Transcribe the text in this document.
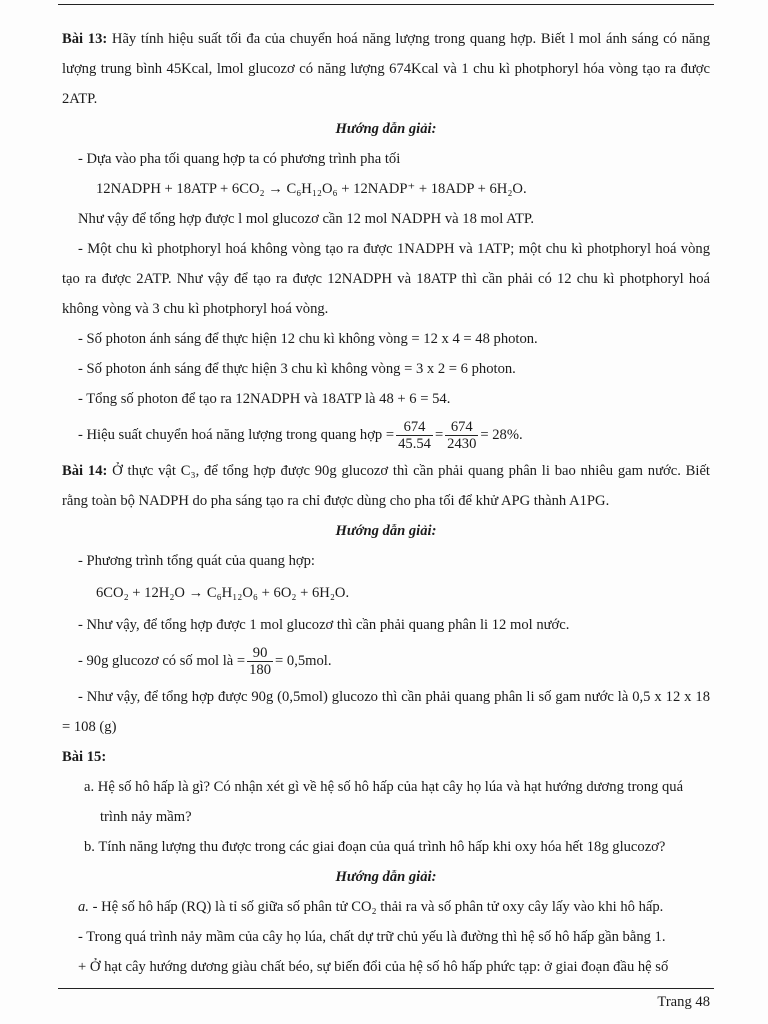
Bài 13: Hãy tính hiệu suất tối đa của chuyển hoá năng lượng trong quang hợp. Biết l mol ánh sáng có năng lượng trung bình 45Kcal, lmol glucozơ có năng lượng 674Kcal và 1 chu kì photphoryl hóa vòng tạo ra được 2ATP.

Hướng dẫn giải:

- Dựa vào pha tối quang hợp ta có phương trình pha tối

12NADPH + 18ATP + 6CO₂ → C₆H₁₂O₆ + 12NADP⁺ + 18ADP + 6H₂O.

Như vậy để tổng hợp được l mol glucozơ cần 12 mol NADPH và 18 mol ATP.

- Một chu kì photphoryl hoá không vòng tạo ra được 1NADPH và 1ATP; một chu kì photphoryl hoá vòng tạo ra được 2ATP. Như vậy để tạo ra được 12NADPH và 18ATP thì cần phải có 12 chu kì photphoryl hoá không vòng và 3 chu kì photphoryl hoá vòng.

- Số photon ánh sáng để thực hiện 12 chu kì không vòng = 12 x 4 = 48 photon.

- Số photon ánh sáng để thực hiện 3 chu kì không vòng = 3 x 2 = 6 photon.

- Tổng số photon để tạo ra 12NADPH và 18ATP là 48 + 6 = 54.

- Hiệu suất chuyển hoá năng lượng trong quang hợp = $\frac{674}{45.54} = \frac{674}{2430} = 28\%$.

Bài 14: Ở thực vật C₃, để tổng hợp được 90g glucozơ thì cần phải quang phân li bao nhiêu gam nước. Biết rằng toàn bộ NADPH do pha sáng tạo ra chỉ được dùng cho pha tối để khử APG thành A1PG.

Hướng dẫn giải:

- Phương trình tổng quát của quang hợp:

6CO₂ + 12H₂O → C₆H₁₂O₆ + 6O₂ + 6H₂O.

- Như vậy, để tổng hợp được 1 mol glucozơ thì cần phải quang phân li 12 mol nước.

- 90g glucozơ có số mol là = $\frac{90}{180} = 0,5mol$.

- Như vậy, để tổng hợp được 90g (0,5mol) glucozo thì cần phải quang phân li số gam nước là 0,5 x 12 x 18 = 108 (g)

Bài 15:

a. Hệ số hô hấp là gì? Có nhận xét gì về hệ số hô hấp của hạt cây họ lúa và hạt hướng dương trong quá

trình nảy mầm?

b. Tính năng lượng thu được trong các giai đoạn của quá trình hô hấp khi oxy hóa hết 18g glucozơ?

Hướng dẫn giải:

a. - Hệ số hô hấp (RQ) là tỉ số giữa số phân tử CO₂ thải ra và số phân tử oxy cây lấy vào khi hô hấp.

- Trong quá trình nảy mầm của cây họ lúa, chất dự trữ chủ yếu là đường thì hệ số hô hấp gần bằng 1.

+ Ở hạt cây hướng dương giàu chất béo, sự biến đổi của hệ số hô hấp phức tạp: ở giai đoạn đầu hệ số

Trang 48
